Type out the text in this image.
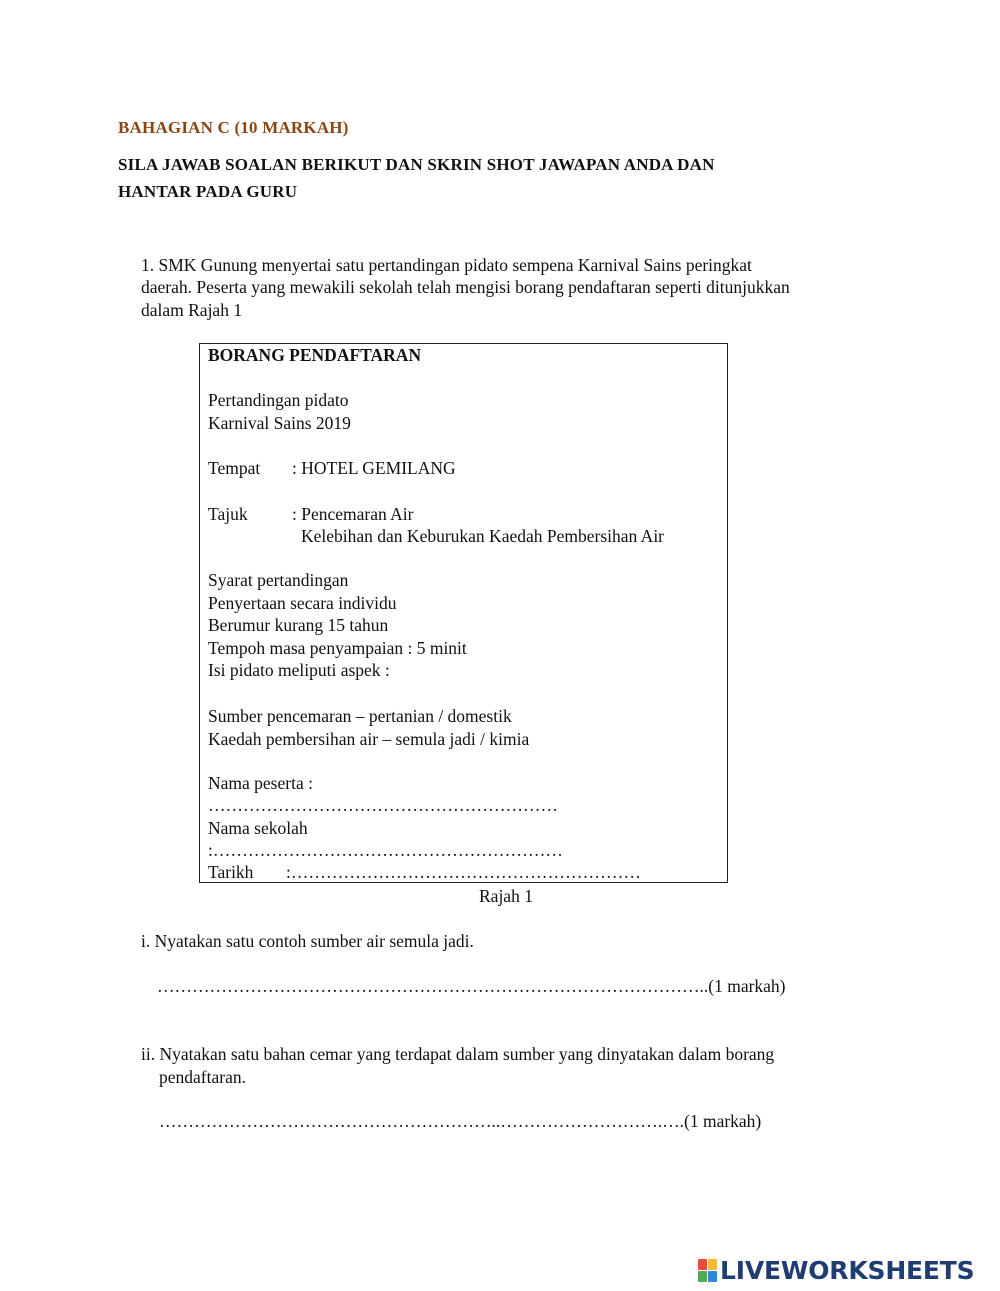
BAHAGIAN C (10 MARKAH)
SILA JAWAB SOALAN BERIKUT DAN SKRIN SHOT JAWAPAN ANDA DAN
HANTAR PADA GURU
1. SMK Gunung menyertai satu pertandingan pidato sempena Karnival Sains peringkat
daerah. Peserta yang mewakili sekolah telah mengisi borang pendaftaran seperti ditunjukkan
dalam Rajah 1
BORANG PENDAFTARAN
Pertandingan pidato
Karnival Sains 2019
Tempat : HOTEL GEMILANG
Tajuk	: Pencemaran Air
Kelebihan dan Keburukan Kaedah Pembersihan Air
Syarat pertandingan
Penyertaan secara individu
Berumur kurang 15 tahun
Tempoh masa penyampaian : 5 minit
Isi pidato meliputi aspek :
Sumber pencemaran – pertanian / domestik
Kaedah pembersihan air – semula jadi / kimia
Nama peserta :
……………………………………………………
Nama sekolah
:……………………………………………………
Tarikh :……………………………………………………
Rajah 1
i. Nyatakan satu contoh sumber air semula jadi.
…………………………………………………………………………………..(1 markah)
ii. Nyatakan satu bahan cemar yang terdapat dalam sumber yang dinyatakan dalam borang
pendaftaran.
…………………………………………………..……………………….….(1 markah)
LIVEWORKSHEETS
